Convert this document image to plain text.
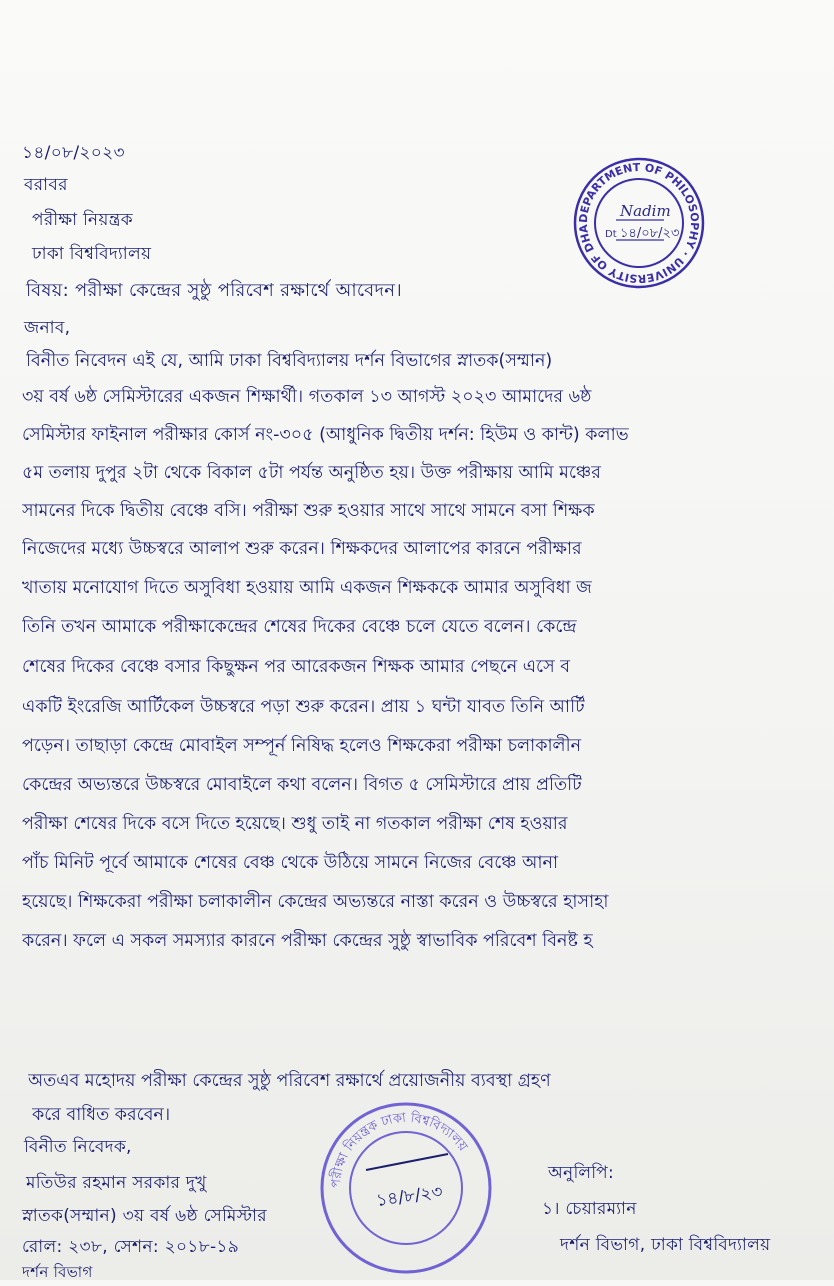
১৪/০৮/২০২৩
বরাবর
পরীক্ষা নিয়ন্ত্রক
ঢাকা বিশ্ববিদ্যালয়
বিষয়: পরীক্ষা কেন্দ্রের সুষ্ঠু পরিবেশ রক্ষার্থে আবেদন।
জনাব,
বিনীত নিবেদন এই যে, আমি ঢাকা বিশ্ববিদ্যালয় দর্শন বিভাগের স্নাতক(সম্মান)
৩য় বর্ষ ৬ষ্ঠ সেমিস্টারের একজন শিক্ষার্থী। গতকাল ১৩ আগস্ট ২০২৩ আমাদের ৬ষ্ঠ
সেমিস্টার ফাইনাল পরীক্ষার কোর্স নং-৩০৫ (আধুনিক দ্বিতীয় দর্শন: হিউম ও কান্ট) কলাভ
৫ম তলায় দুপুর ২টা থেকে বিকাল ৫টা পর্যন্ত অনুষ্ঠিত হয়। উক্ত পরীক্ষায় আমি মঞ্চের
সামনের দিকে দ্বিতীয় বেঞ্চে বসি। পরীক্ষা শুরু হওয়ার সাথে সাথে সামনে বসা শিক্ষক
নিজেদের মধ্যে উচ্চস্বরে আলাপ শুরু করেন। শিক্ষকদের আলাপের কারনে পরীক্ষার
খাতায় মনোযোগ দিতে অসুবিধা হওয়ায় আমি একজন শিক্ষককে আমার অসুবিধা জ
তিনি তখন আমাকে পরীক্ষাকেন্দ্রের শেষের দিকের বেঞ্চে চলে যেতে বলেন। কেন্দ্রে
শেষের দিকের বেঞ্চে বসার কিছুক্ষন পর আরেকজন শিক্ষক আমার পেছনে এসে ব
একটি ইংরেজি আর্টিকেল উচ্চস্বরে পড়া শুরু করেন। প্রায় ১ ঘন্টা যাবত তিনি আর্টি
পড়েন। তাছাড়া কেন্দ্রে মোবাইল সম্পূর্ন নিষিদ্ধ হলেও শিক্ষকেরা পরীক্ষা চলাকালীন
কেন্দ্রের অভ্যন্তরে উচ্চস্বরে মোবাইলে কথা বলেন। বিগত ৫ সেমিস্টারে প্রায় প্রতিটি
পরীক্ষা শেষের দিকে বসে দিতে হয়েছে। শুধু তাই না গতকাল পরীক্ষা শেষ হওয়ার
পাঁচ মিনিট পূর্বে আমাকে শেষের বেঞ্চ থেকে উঠিয়ে সামনে নিজের বেঞ্চে আনা
হয়েছে। শিক্ষকেরা পরীক্ষা চলাকালীন কেন্দ্রের অভ্যন্তরে নাস্তা করেন ও উচ্চস্বরে হাসাহা
করেন। ফলে এ সকল সমস্যার কারনে পরীক্ষা কেন্দ্রের সুষ্ঠু স্বাভাবিক পরিবেশ বিনষ্ট হ
অতএব মহোদয় পরীক্ষা কেন্দ্রের সুষ্ঠু পরিবেশ রক্ষার্থে প্রয়োজনীয় ব্যবস্থা গ্রহণ
করে বাধিত করবেন।
বিনীত নিবেদক,
মতিউর রহমান সরকার দুখু
স্নাতক(সম্মান) ৩য় বর্ষ ৬ষ্ঠ সেমিস্টার
রোল: ২৩৮, সেশন: ২০১৮-১৯
দর্শন বিভাগ
অনুলিপি:
১। চেয়ারম্যান
দর্শন বিভাগ, ঢাকা বিশ্ববিদ্যালয়
DEPARTMENT OF PHILOSOPHY · UNIVERSITY OF DHA
Dt
Nadim
১৪/০৮/২৩
পরীক্ষা নিয়ন্ত্রক ঢাকা বিশ্ববিদ্যালয়
১৪/৮/২৩
